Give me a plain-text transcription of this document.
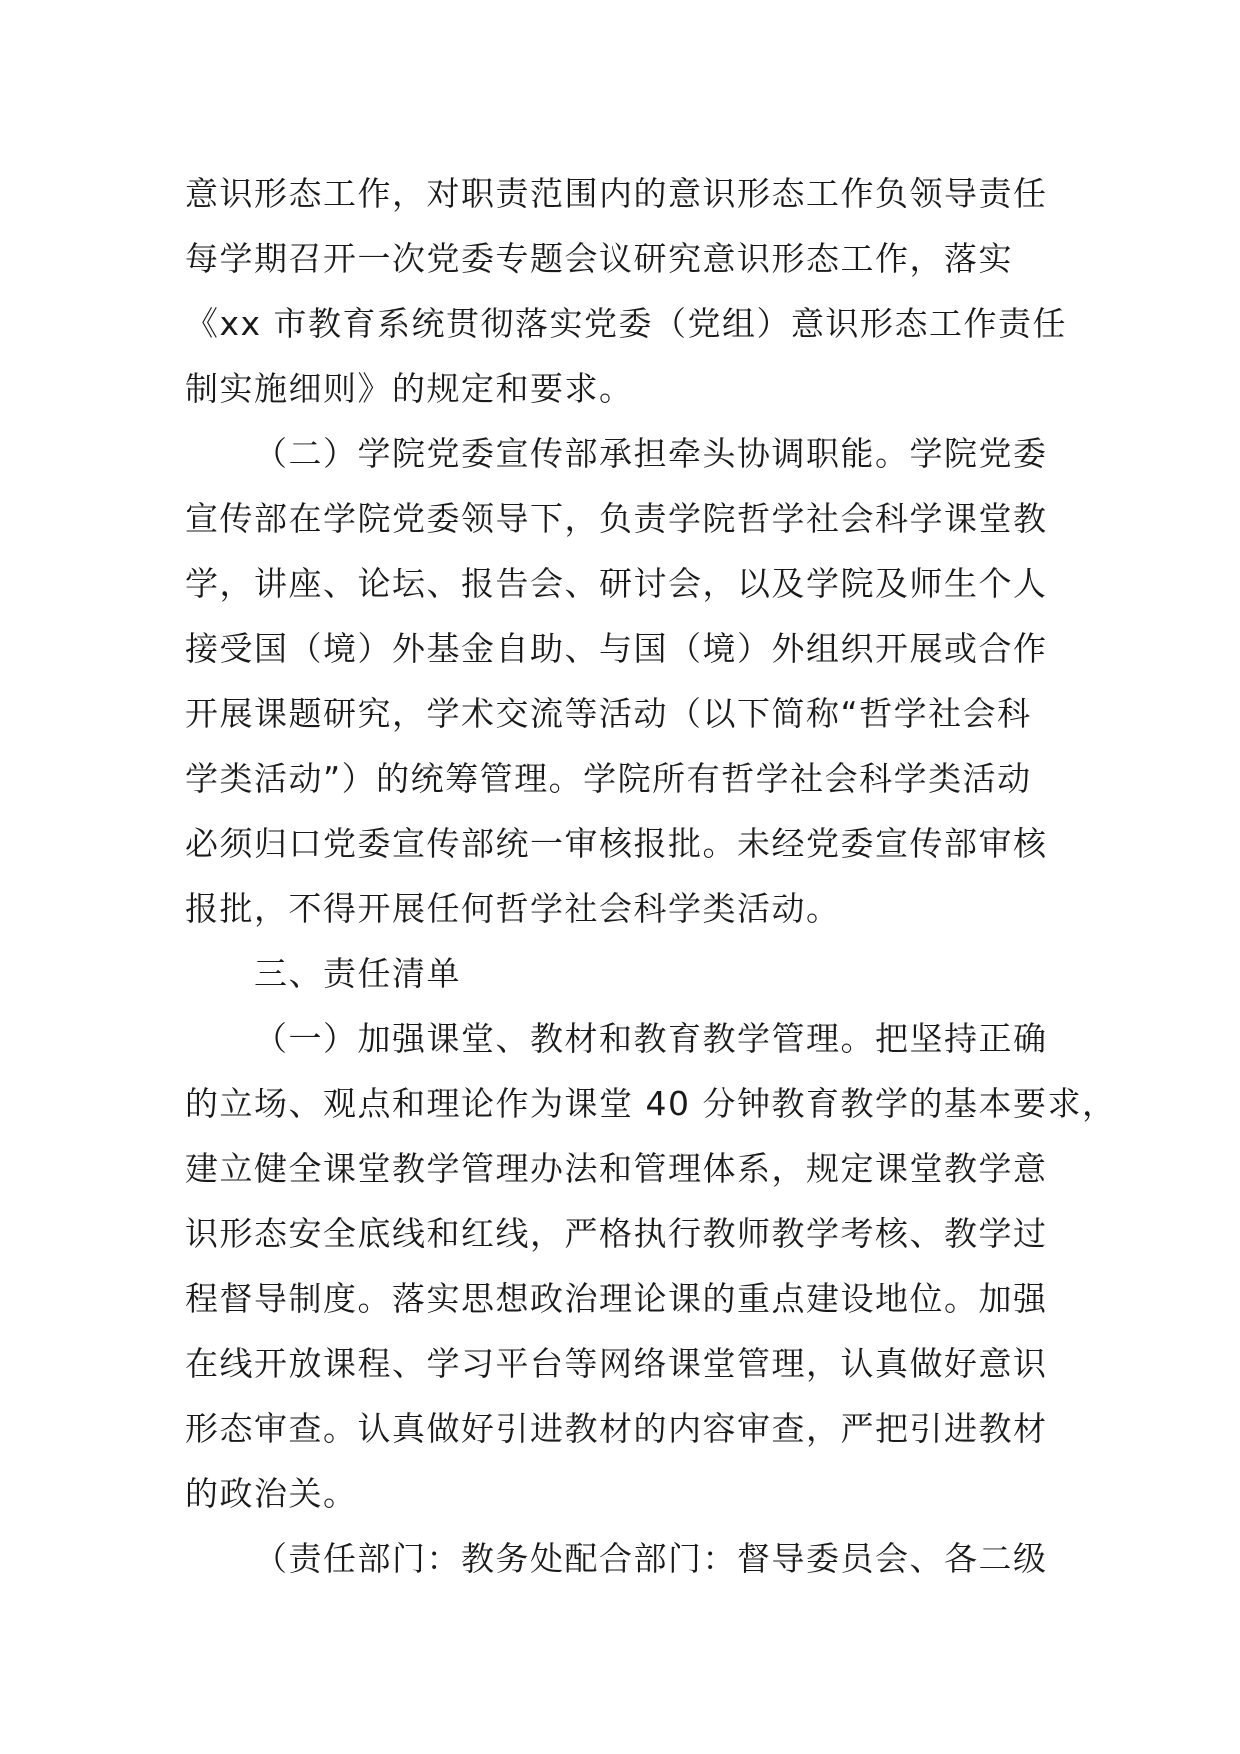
意识形态工作，对职责范围内的意识形态工作负领导责任
每学期召开一次党委专题会议研究意识形态工作，落实
《xx 市教育系统贯彻落实党委（党组）意识形态工作责任
制实施细则》的规定和要求。
（二）学院党委宣传部承担牵头协调职能。学院党委
宣传部在学院党委领导下，负责学院哲学社会科学课堂教
学，讲座、论坛、报告会、研讨会，以及学院及师生个人
接受国（境）外基金自助、与国（境）外组织开展或合作
开展课题研究，学术交流等活动（以下简称“哲学社会科
学类活动”）的统筹管理。学院所有哲学社会科学类活动
必须归口党委宣传部统一审核报批。未经党委宣传部审核
报批，不得开展任何哲学社会科学类活动。
三、责任清单
（一）加强课堂、教材和教育教学管理。把坚持正确
的立场、观点和理论作为课堂 40 分钟教育教学的基本要求，
建立健全课堂教学管理办法和管理体系，规定课堂教学意
识形态安全底线和红线，严格执行教师教学考核、教学过
程督导制度。落实思想政治理论课的重点建设地位。加强
在线开放课程、学习平台等网络课堂管理，认真做好意识
形态审查。认真做好引进教材的内容审查，严把引进教材
的政治关。
（责任部门：教务处配合部门：督导委员会、各二级
